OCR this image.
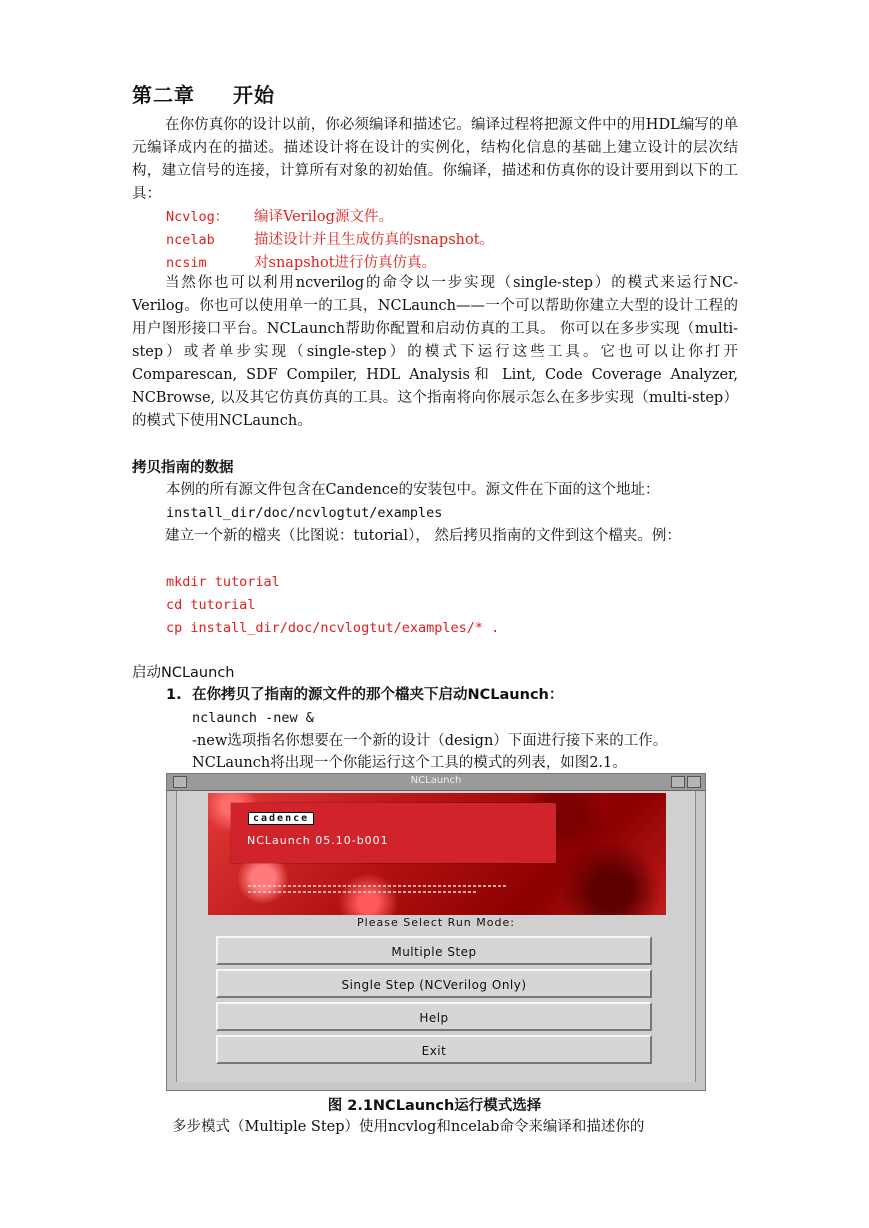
第二章 开始
在你仿真你的设计以前，你必须编译和描述它。编译过程将把源文件中的用HDL编写的单元编译成内在的描述。描述设计将在设计的实例化，结构化信息的基础上建立设计的层次结构，建立信号的连接，计算所有对象的初始值。你编译，描述和仿真你的设计要用到以下的工具：
Ncvlog： 编译Verilog源文件。
ncelab	描述设计并且生成仿真的snapshot。
ncsim	对snapshot进行仿真仿真。
当然你也可以利用ncverilog的命令以一步实现（single-step）的模式来运行NC-Verilog。你也可以使用单一的工具，NCLaunch——一个可以帮助你建立大型的设计工程的用户图形接口平台。NCLaunch帮助你配置和启动仿真的工具。 你可以在多步实现（multi-step）或者单步实现（single-step）的模式下运行这些工具。它也可以让你打开 Comparescan, SDF Compiler, HDL Analysis和 Lint, Code Coverage Analyzer, NCBrowse, 以及其它仿真仿真的工具。这个指南将向你展示怎么在多步实现（multi-step）的模式下使用NCLaunch。
拷贝指南的数据
本例的所有源文件包含在Candence的安装包中。源文件在下面的这个地址：
install_dir/doc/ncvlogtut/examples
建立一个新的檔夹（比图说：tutorial）， 然后拷贝指南的文件到这个檔夹。例：
mkdir tutorial
cd tutorial
cp install_dir/doc/ncvlogtut/examples/* .
启动NCLaunch
1. 在你拷贝了指南的源文件的那个檔夹下启动NCLaunch：
nclaunch -new &
-new选项指名你想要在一个新的设计（design）下面进行接下来的工作。
NCLaunch将出现一个你能运行这个工具的模式的列表，如图2.1。
NCLaunch
cadence
NCLaunch 05.10-b001
Please Select Run Mode:
Multiple Step
Single Step (NCVerilog Only)
Help
Exit
图 2.1NCLaunch运行模式选择
多步模式（Multiple Step）使用ncvlog和ncelab命令来编译和描述你的
